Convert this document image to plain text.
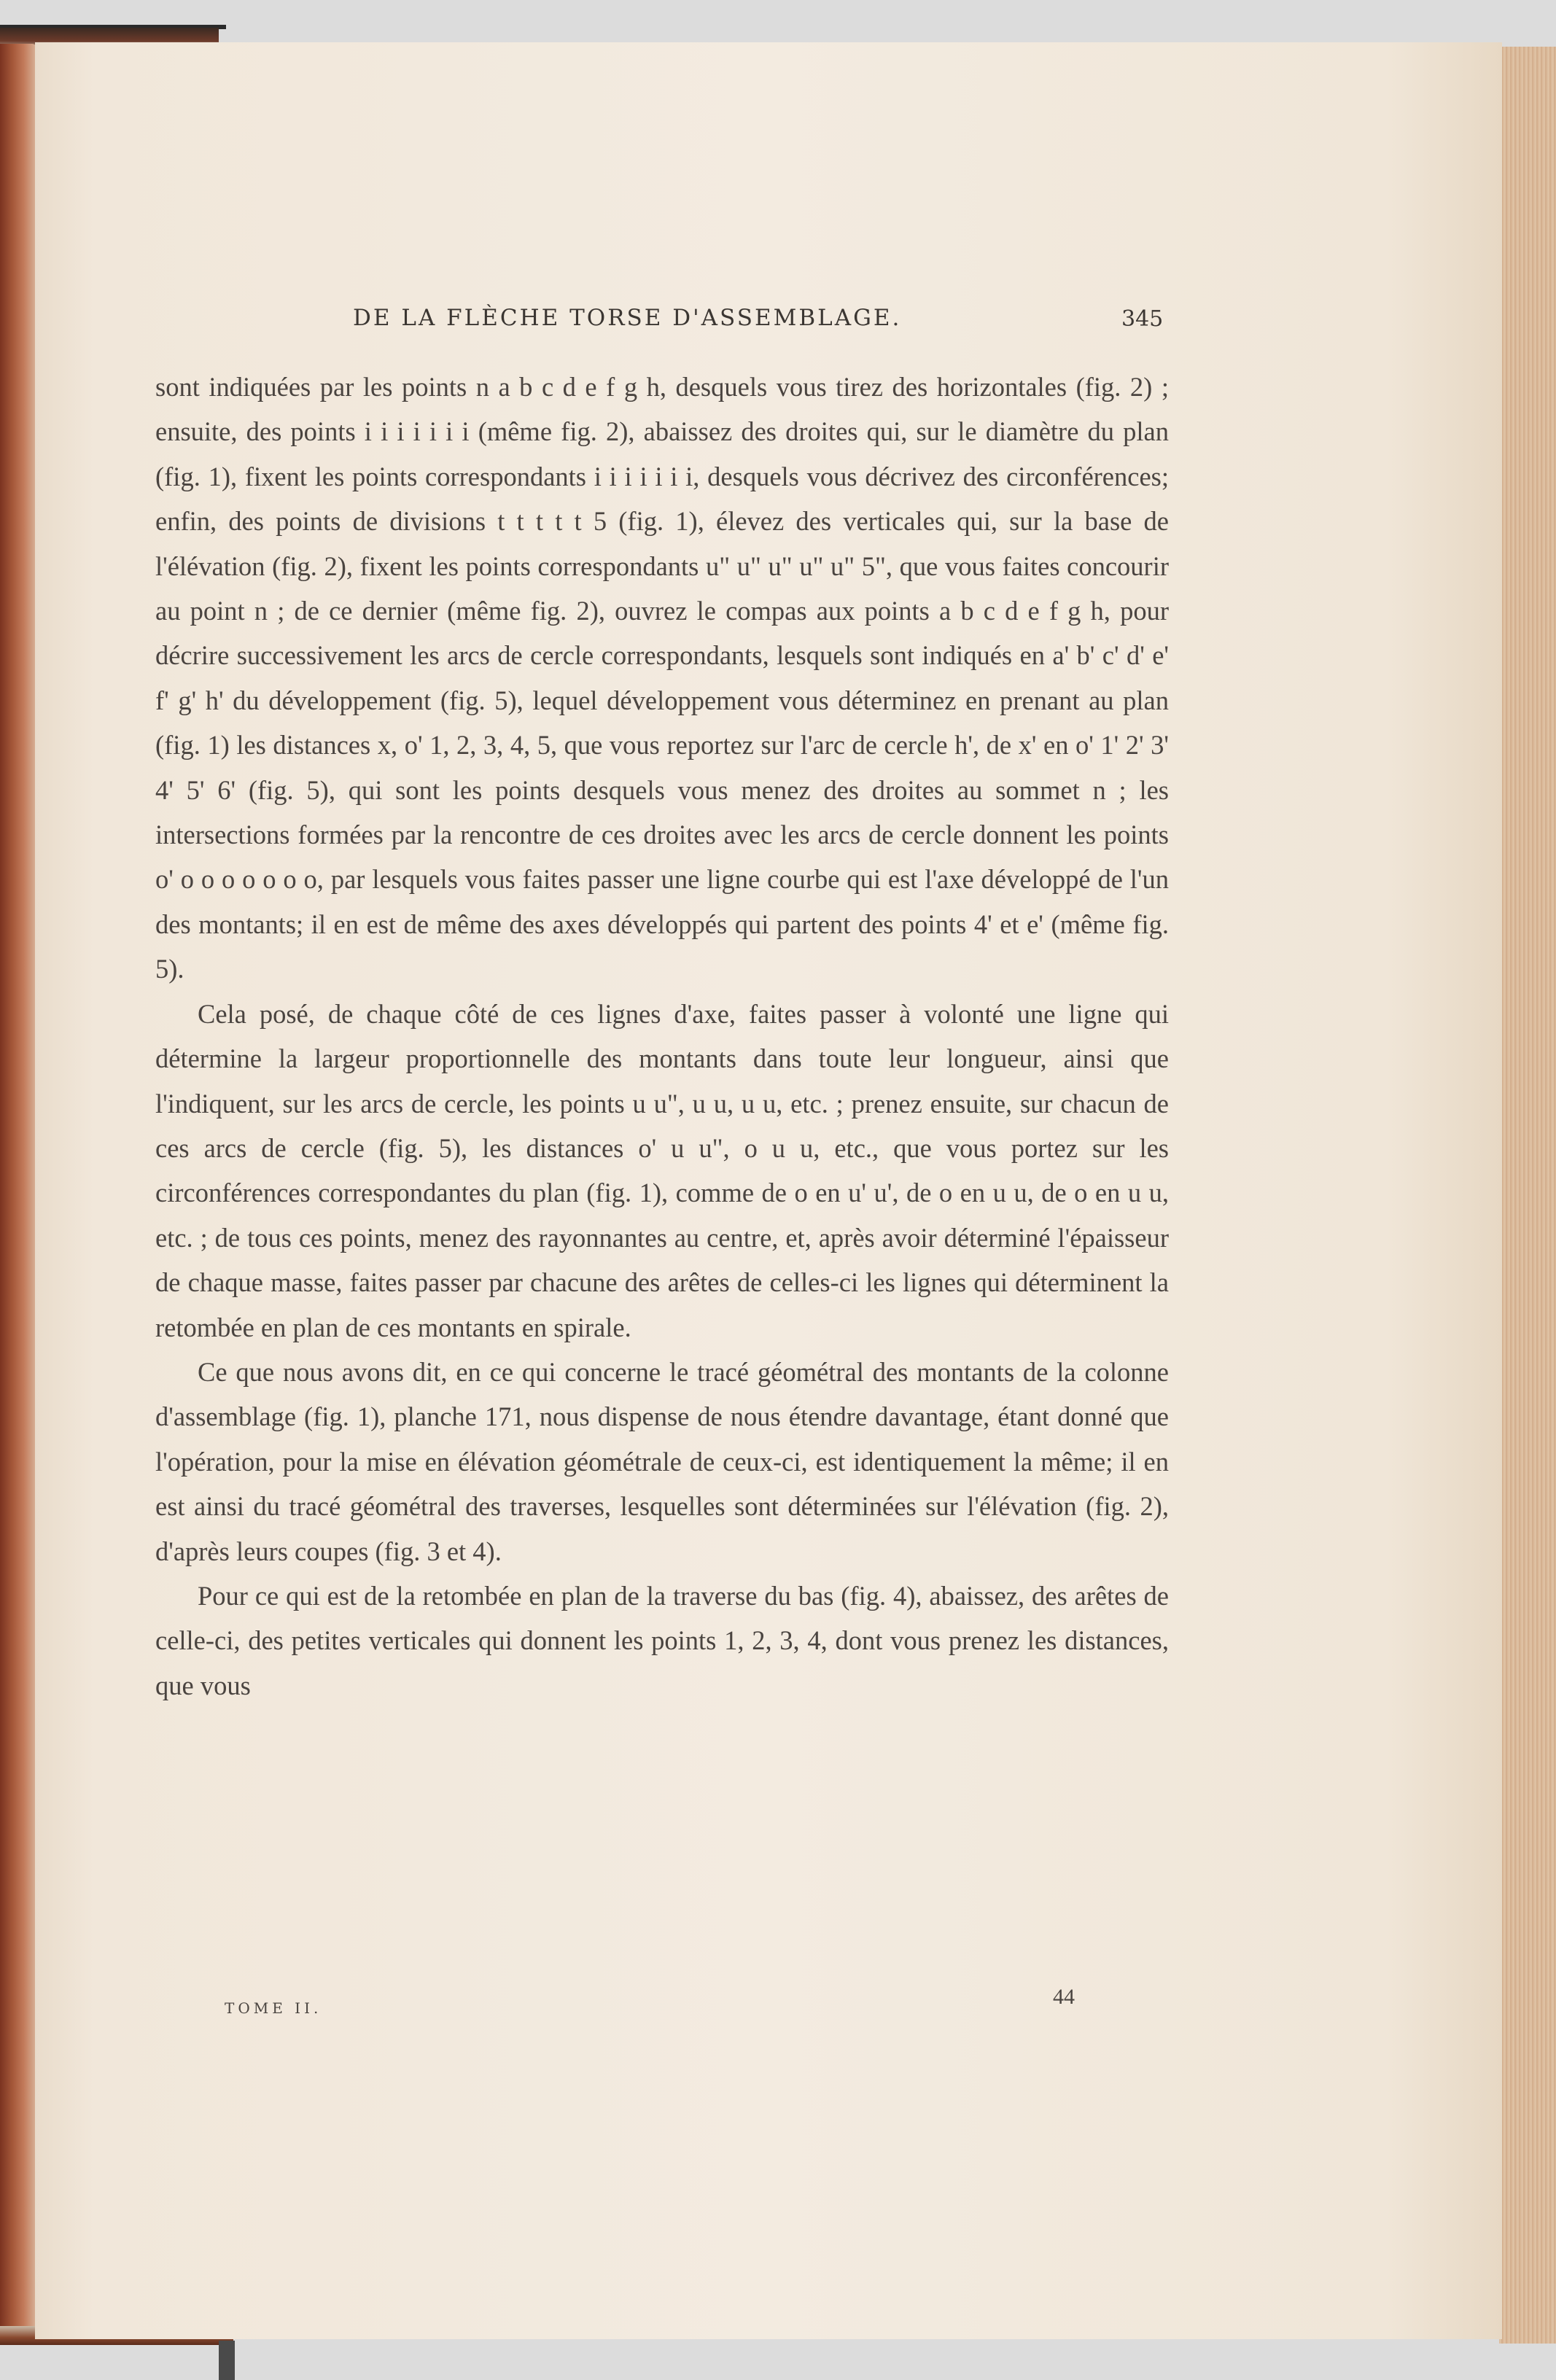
DE LA FLÈCHE TORSE D'ASSEMBLAGE.	345

sont indiquées par les points n a b c d e f g h, desquels vous tirez des horizontales (fig. 2) ; ensuite, des points i i i i i i i (même fig. 2), abaissez des droites qui, sur le diamètre du plan (fig. 1), fixent les points correspondants i i i i i i i, desquels vous décrivez des circonférences; enfin, des points de divisions t t t t t 5 (fig. 1), élevez des verticales qui, sur la base de l'élévation (fig. 2), fixent les points correspondants u" u" u" u" u" 5", que vous faites concourir au point n ; de ce dernier (même fig. 2), ouvrez le compas aux points a b c d e f g h, pour décrire successivement les arcs de cercle correspondants, lesquels sont indiqués en a' b' c' d' e' f' g' h' du développement (fig. 5), lequel développement vous déterminez en prenant au plan (fig. 1) les distances x, o' 1, 2, 3, 4, 5, que vous reportez sur l'arc de cercle h', de x' en o' 1' 2' 3' 4' 5' 6' (fig. 5), qui sont les points desquels vous menez des droites au sommet n ; les intersections formées par la rencontre de ces droites avec les arcs de cercle donnent les points o' o o o o o o o, par lesquels vous faites passer une ligne courbe qui est l'axe développé de l'un des montants; il en est de même des axes développés qui partent des points 4' et e' (même fig. 5).

Cela posé, de chaque côté de ces lignes d'axe, faites passer à volonté une ligne qui détermine la largeur proportionnelle des montants dans toute leur longueur, ainsi que l'indiquent, sur les arcs de cercle, les points u u", u u, u u, etc. ; prenez ensuite, sur chacun de ces arcs de cercle (fig. 5), les distances o' u u", o u u, etc., que vous portez sur les circonférences correspondantes du plan (fig. 1), comme de o en u' u', de o en u u, de o en u u, etc. ; de tous ces points, menez des rayonnantes au centre, et, après avoir déterminé l'épaisseur de chaque masse, faites passer par chacune des arêtes de celles-ci les lignes qui déterminent la retombée en plan de ces montants en spirale.

Ce que nous avons dit, en ce qui concerne le tracé géométral des montants de la colonne d'assemblage (fig. 1), planche 171, nous dispense de nous étendre davantage, étant donné que l'opération, pour la mise en élévation géométrale de ceux-ci, est identiquement la même; il en est ainsi du tracé géométral des traverses, lesquelles sont déterminées sur l'élévation (fig. 2), d'après leurs coupes (fig. 3 et 4).

Pour ce qui est de la retombée en plan de la traverse du bas (fig. 4), abaissez, des arêtes de celle-ci, des petites verticales qui donnent les points 1, 2, 3, 4, dont vous prenez les distances, que vous

TOME II.	44
